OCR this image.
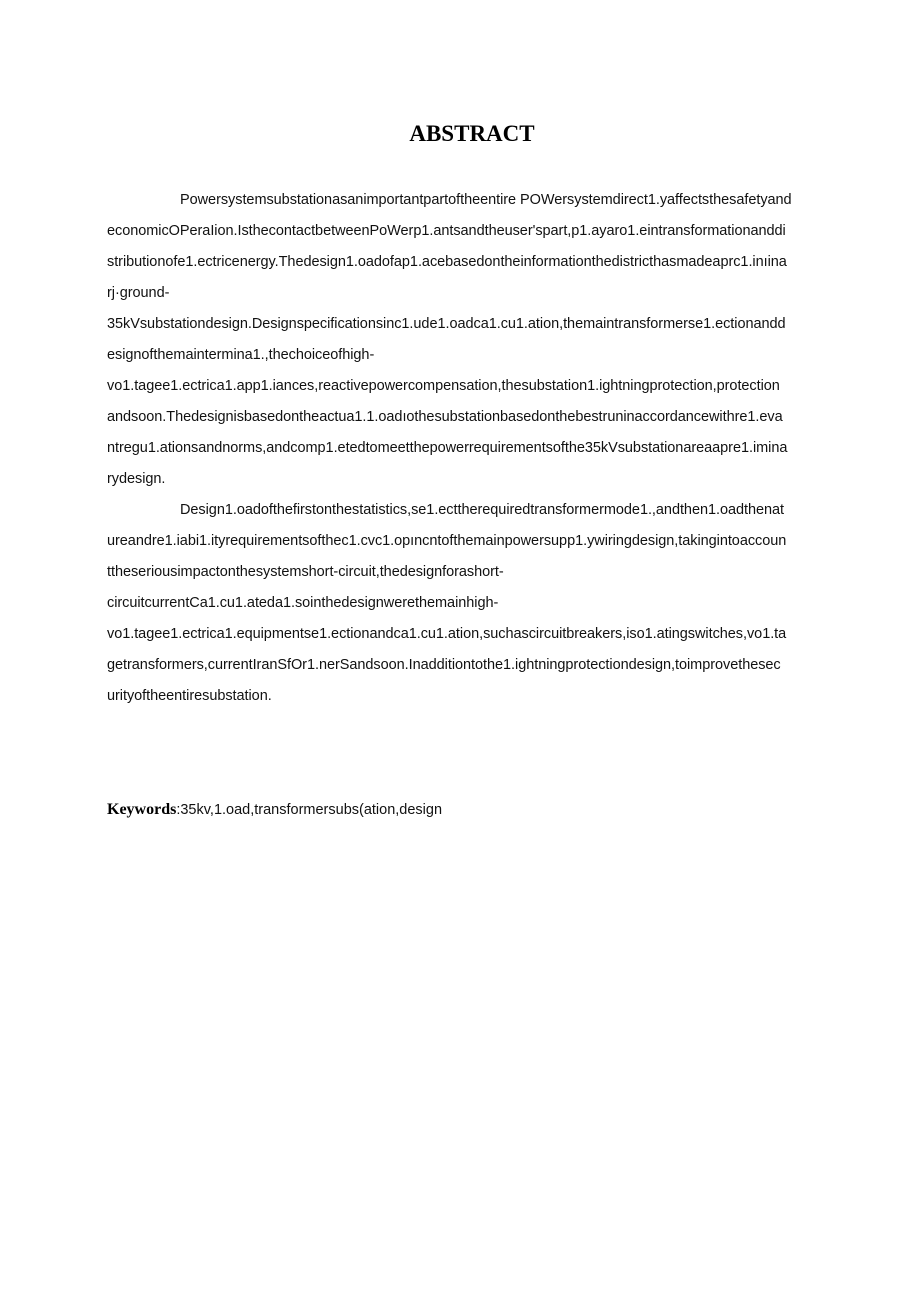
ABSTRACT
Powersystemsubstationasanimportantpartoftheentire POWersystemdirect1.yaffectsthesafetyand
economicOPeraIion.IsthecontactbetweenPoWerp1.antsandtheuser'spart,p1.ayaro1.eintransformationanddi
stributionofe1.ectricenergy.Thedesign1.oadofap1.acebasedontheinformationthedistricthasmadeaprc1.inıina
rj·ground-
35kVsubstationdesign.Designspecificationsinc1.ude1.oadca1.cu1.ation,themaintransformerse1.ectionandd
esignofthemaintermina1.,thechoiceofhigh-
vo1.tagee1.ectrica1.app1.iances,reactivepowercompensation,thesubstation1.ightningprotection,protection
andsoon.Thedesignisbasedontheactua1.1.oadıothesubstationbasedonthebestruninaccordancewithre1.eva
ntregu1.ationsandnorms,andcomp1.etedtomeetthepowerrequirementsofthe35kVsubstationareaapre1.imina
rydesign.
Design1.oadofthefirstonthestatistics,se1.ecttherequiredtransformermode1.,andthen1.oadthenat
ureandre1.iabi1.ityrequirementsofthec1.cvc1.opıncntofthemainpowersupp1.ywiringdesign,takingintoaccoun
ttheseriousimpactonthesystemshort-circuit,thedesignforashort-
circuitcurrentCa1.cu1.ateda1.sointhedesignwerethemainhigh-
vo1.tagee1.ectrica1.equipmentse1.ectionandca1.cu1.ation,suchascircuitbreakers,iso1.atingswitches,vo1.ta
getransformers,currentIranSfOr1.nerSandsoon.Inadditiontothe1.ightningprotectiondesign,toimprovethesec
urityoftheentiresubstation.
Keywords:35kv,1.oad,transformersubs(ation,design
